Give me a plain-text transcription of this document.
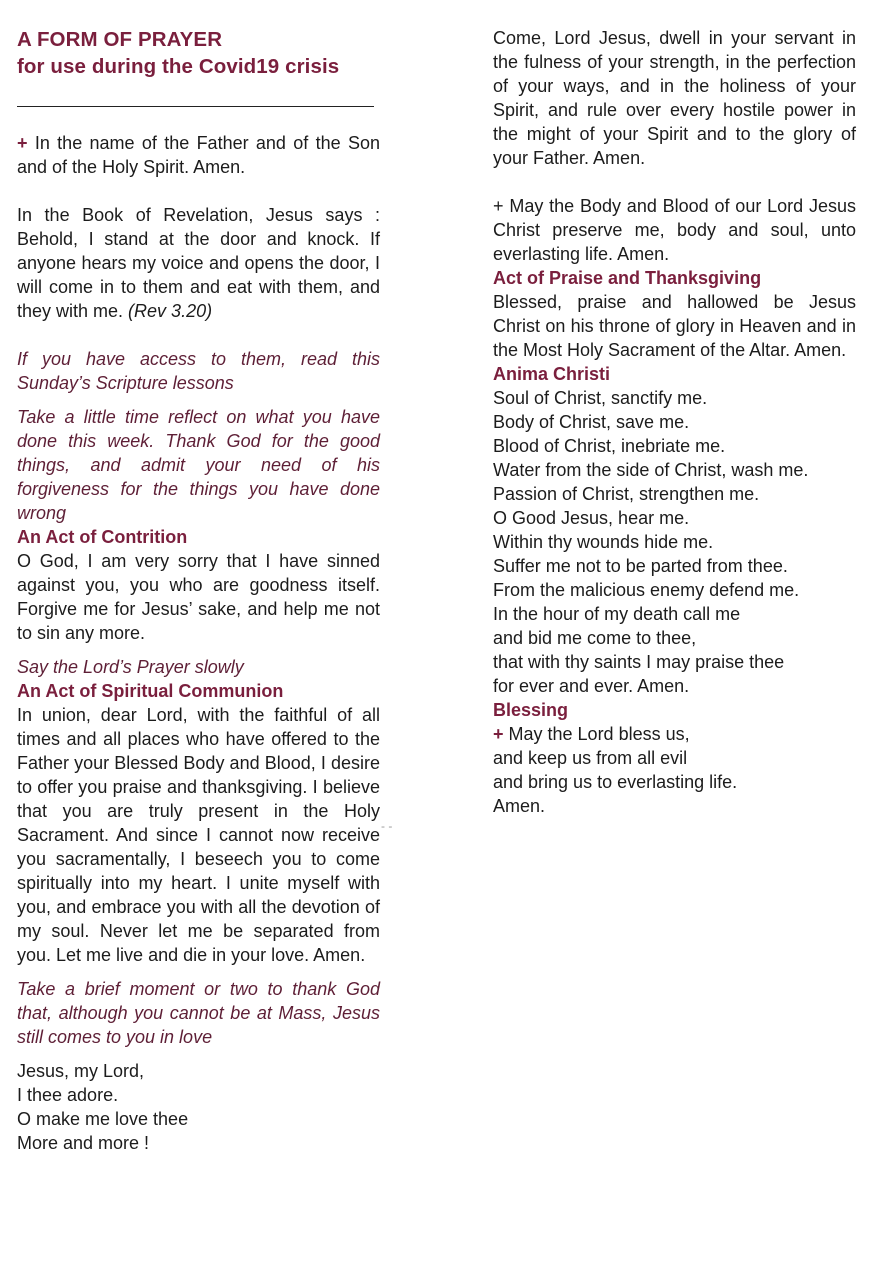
A FORM OF PRAYER
for use during the Covid19 crisis

+ In the name of the Father and of the Son and of the Holy Spirit. Amen.

In the Book of Revelation, Jesus says : Behold, I stand at the door and knock. If anyone hears my voice and opens the door, I will come in to them and eat with them, and they with me. (Rev 3.20)

If you have access to them, read this Sunday’s Scripture lessons

Take a little time reflect on what you have done this week. Thank God for the good things, and admit your need of his forgiveness for the things you have done wrong

An Act of Contrition

O God, I am very sorry that I have sinned against you, you who are goodness itself. Forgive me for Jesus’ sake, and help me not to sin any more.

Say the Lord’s Prayer slowly

An Act of Spiritual Communion

In union, dear Lord, with the faithful of all times and all places who have offered to the Father your Blessed Body and Blood, I desire to offer you praise and thanksgiving. I believe that you are truly present in the Holy Sacrament. And since I cannot now receive you sacramentally, I beseech you to come spiritually into my heart. I unite myself with you, and embrace you with all the devotion of my soul. Never let me be separated from you. Let me live and die in your love. Amen.

Take a brief moment or two to thank God that, although you cannot be at Mass, Jesus still comes to you in love

Jesus, my Lord,
I thee adore.
O make me love thee
More and more !

Come, Lord Jesus, dwell in your servant in the fulness of your strength, in the perfection of your ways, and in the holiness of your Spirit, and rule over every hostile power in the might of your Spirit and to the glory of your Father. Amen.

+ May the Body and Blood of our Lord Jesus Christ preserve me, body and soul, unto everlasting life. Amen.

Act of Praise and Thanksgiving

Blessed, praise and hallowed be Jesus Christ on his throne of glory in Heaven and in the Most Holy Sacrament of the Altar. Amen.

Anima Christi

Soul of Christ, sanctify me.
Body of Christ, save me.
Blood of Christ, inebriate me.
Water from the side of Christ, wash me.
Passion of Christ, strengthen me.
O Good Jesus, hear me.
Within thy wounds hide me.
Suffer me not to be parted from thee.
From the malicious enemy defend me.
In the hour of my death call me
and bid me come to thee,
that with thy saints I may praise thee
for ever and ever. Amen.

Blessing

+ May the Lord bless us,
and keep us from all evil
and bring us to everlasting life.
Amen.
‐ ‐
